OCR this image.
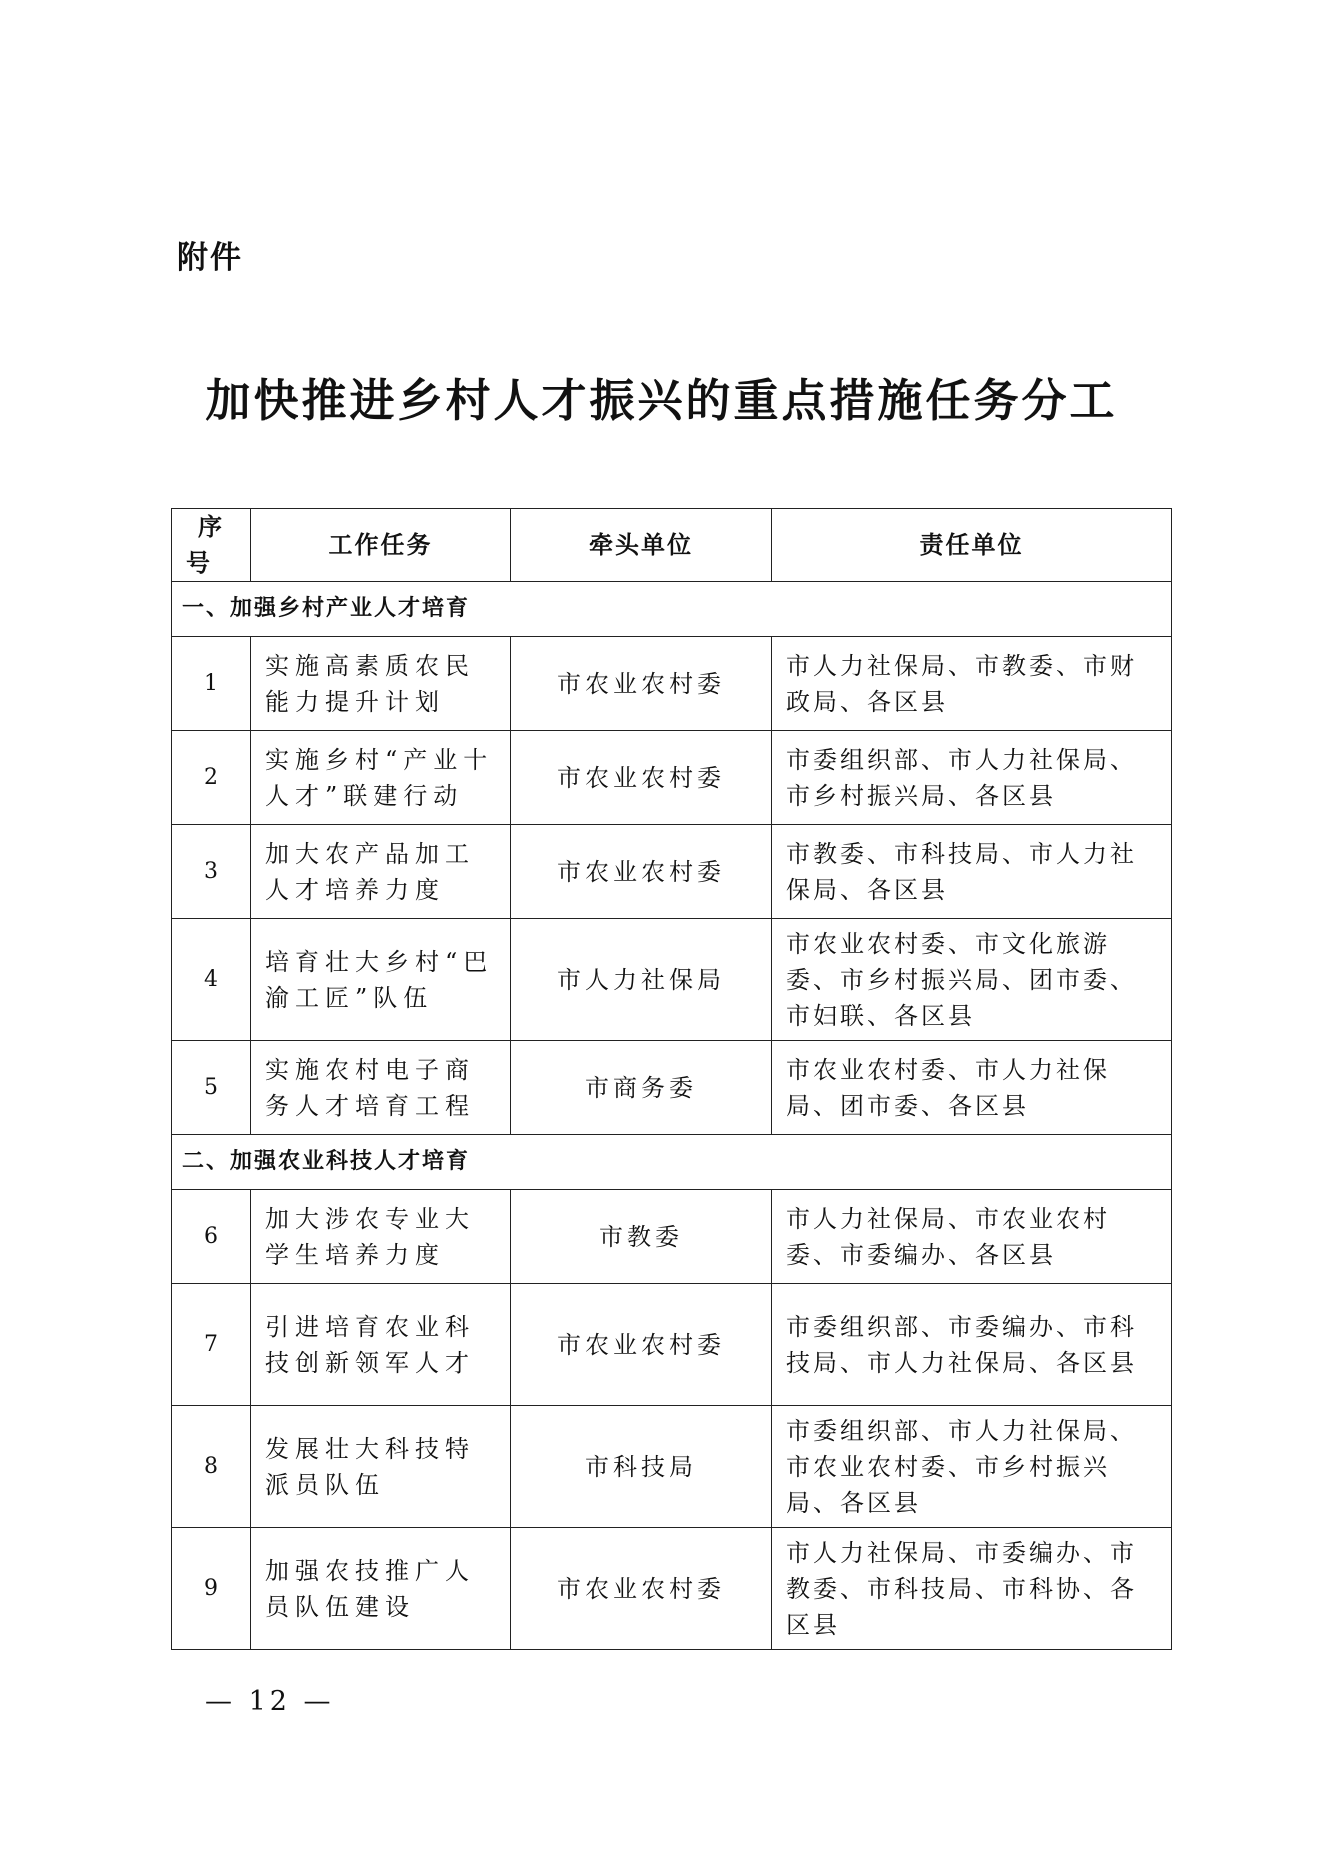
附件
加快推进乡村人才振兴的重点措施任务分工
序号	工作任务	牵头单位	责任单位
一、加强乡村产业人才培育			
1	实施高素质农民能力提升计划	市农业农村委	市人力社保局、市教委、市财政局、各区县
2	实施乡村“产业十人才”联建行动	市农业农村委	市委组织部、市人力社保局、市乡村振兴局、各区县
3	加大农产品加工人才培养力度	市农业农村委	市教委、市科技局、市人力社保局、各区县
4	培育壮大乡村“巴渝工匠”队伍	市人力社保局	市农业农村委、市文化旅游委、市乡村振兴局、团市委、市妇联、各区县
5	实施农村电子商务人才培育工程	市商务委	市农业农村委、市人力社保局、团市委、各区县
二、加强农业科技人才培育			
6	加大涉农专业大学生培养力度	市教委	市人力社保局、市农业农村委、市委编办、各区县
7	引进培育农业科技创新领军人才	市农业农村委	市委组织部、市委编办、市科技局、市人力社保局、各区县
8	发展壮大科技特派员队伍	市科技局	市委组织部、市人力社保局、市农业农村委、市乡村振兴局、各区县
9	加强农技推广人员队伍建设	市农业农村委	市人力社保局、市委编办、市教委、市科技局、市科协、各区县
— 12 —
